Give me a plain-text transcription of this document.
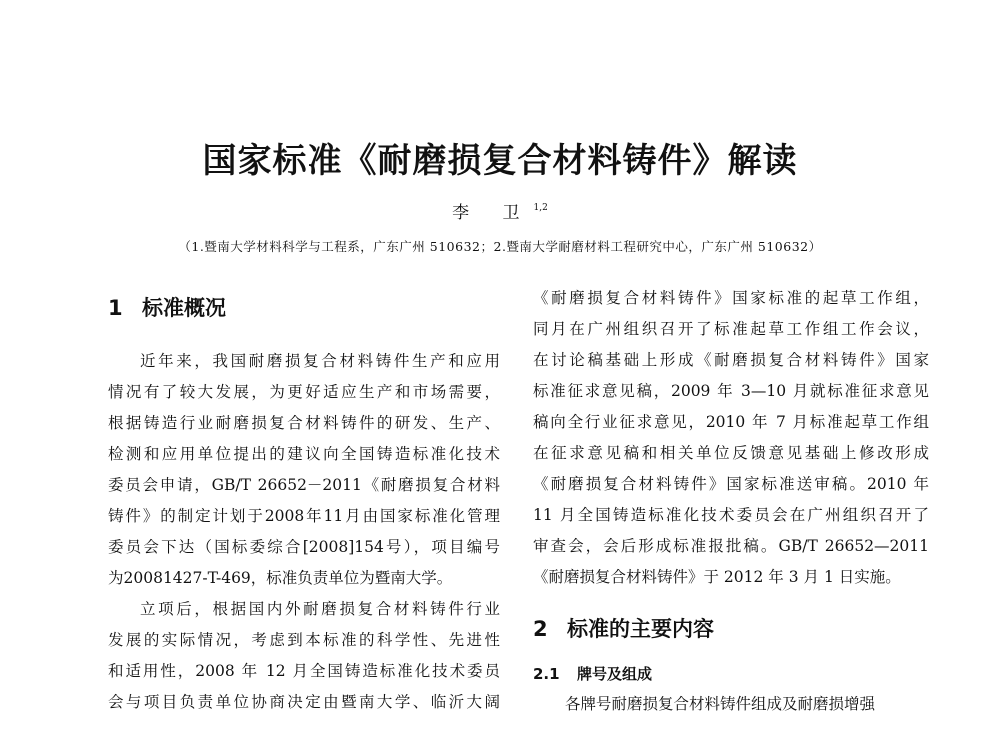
国家标准《耐磨损复合材料铸件》解读
李 卫$^{1,2}$
（1.暨南大学材料科学与工程系，广东广州 510632；2.暨南大学耐磨材料工程研究中心，广东广州 510632）
1 标准概况
近年来，我国耐磨损复合材料铸件生产和应用
情况有了较大发展，为更好适应生产和市场需要，
根据铸造行业耐磨损复合材料铸件的研发、生产、
检测和应用单位提出的建议向全国铸造标准化技术
委员会申请，GB/T 26652－2011《耐磨损复合材料
铸件》的制定计划于2008年11月由国家标准化管理
委员会下达（国标委综合[2008]154号），项目编号
为20081427-T-469，标准负责单位为暨南大学。
立项后，根据国内外耐磨损复合材料铸件行业
发展的实际情况，考虑到本标准的科学性、先进性
和适用性，2008 年 12 月全国铸造标准化技术委员
会与项目负责单位协商决定由暨南大学、临沂大阔
《耐磨损复合材料铸件》国家标准的起草工作组，
同月在广州组织召开了标准起草工作组工作会议，
在讨论稿基础上形成《耐磨损复合材料铸件》国家
标准征求意见稿，2009 年 3—10 月就标准征求意见
稿向全行业征求意见，2010 年 7 月标准起草工作组
在征求意见稿和相关单位反馈意见基础上修改形成
《耐磨损复合材料铸件》国家标准送审稿。2010 年
11 月全国铸造标准化技术委员会在广州组织召开了
审查会，会后形成标准报批稿。GB/T 26652—2011
《耐磨损复合材料铸件》于 2012 年 3 月 1 日实施。
2 标准的主要内容
2.1 牌号及组成
各牌号耐磨损复合材料铸件组成及耐磨损增强
